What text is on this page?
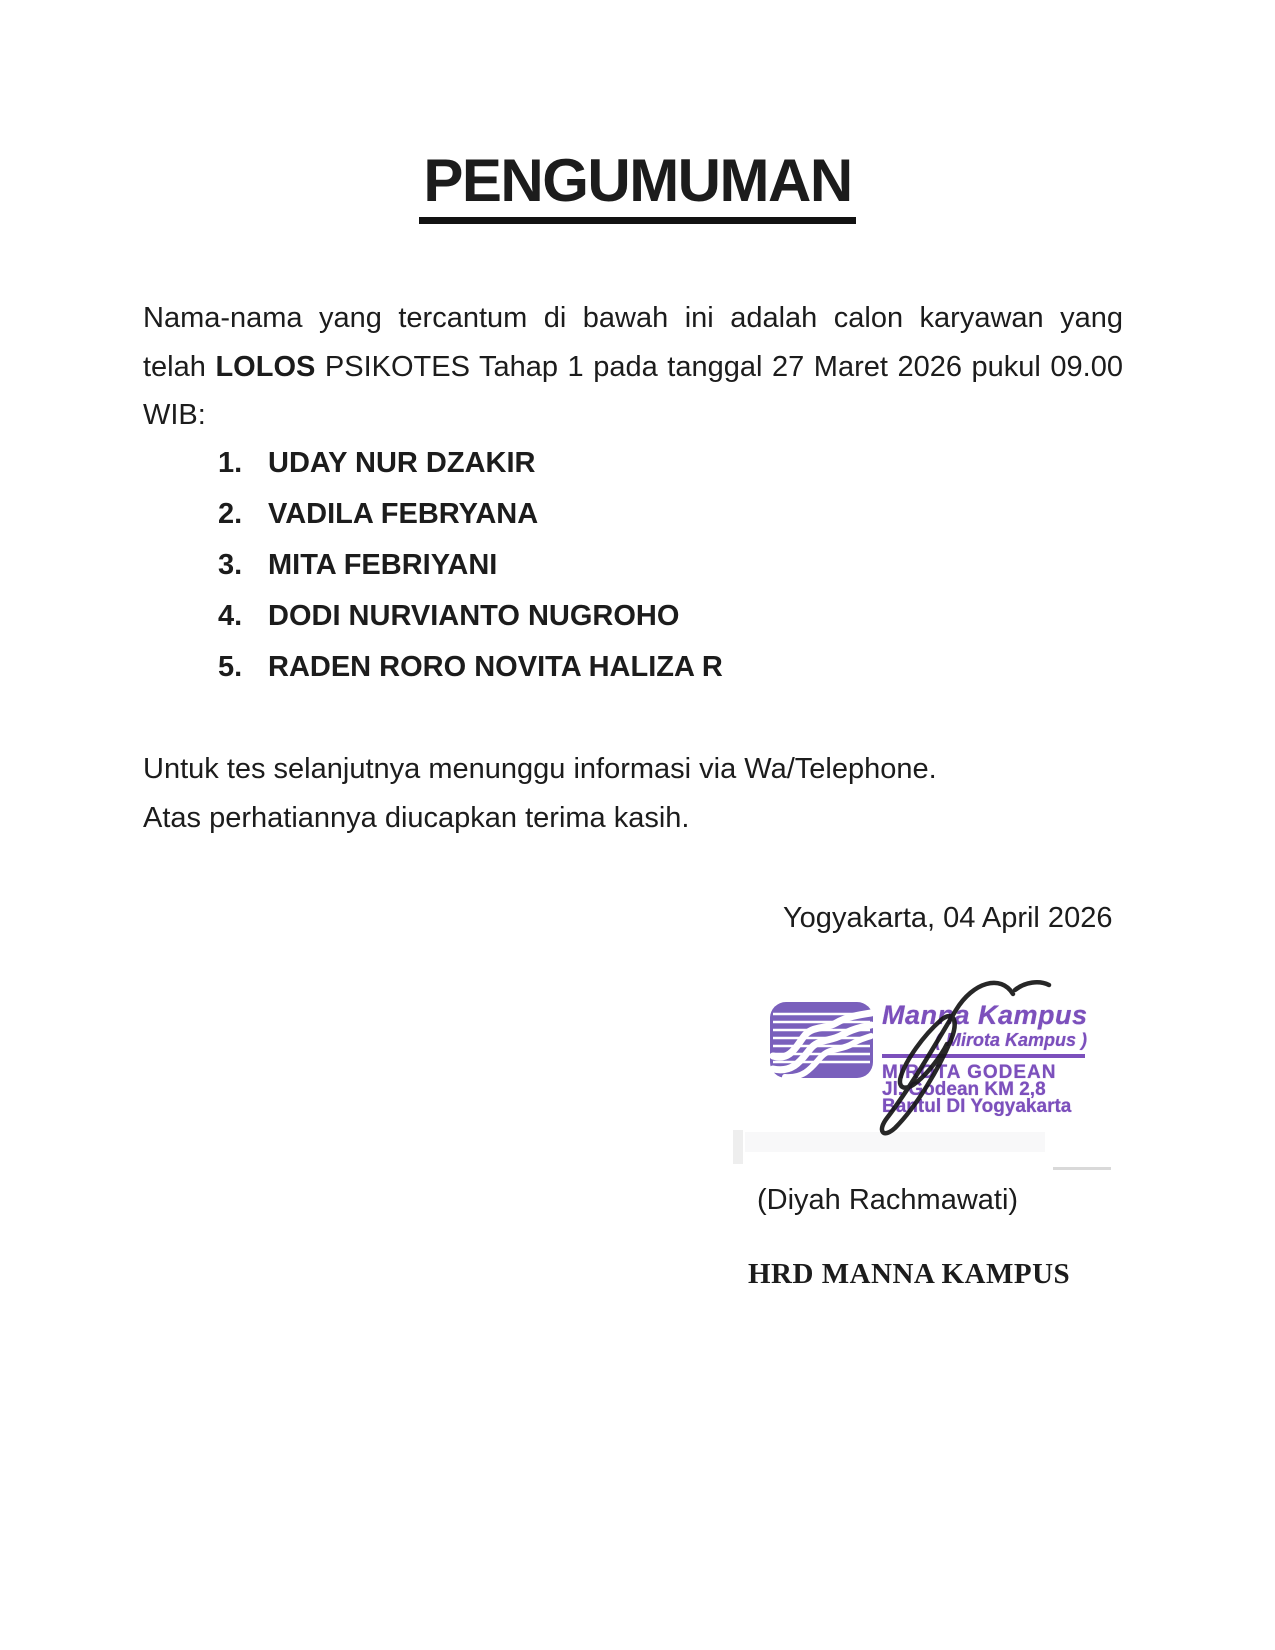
PENGUMUMAN
Nama-nama yang tercantum di bawah ini adalah calon karyawan yang
telah LOLOS PSIKOTES Tahap 1 pada tanggal 27 Maret 2026 pukul 09.00
WIB:
1. UDAY NUR DZAKIR
2. VADILA FEBRYANA
3. MITA FEBRIYANI
4. DODI NURVIANTO NUGROHO
5. RADEN RORO NOVITA HALIZA R
Untuk tes selanjutnya menunggu informasi via Wa/Telephone.
Atas perhatiannya diucapkan terima kasih.
Yogyakarta, 04 April 2026
Manna Kampus
( Mirota Kampus )
MIROTA GODEAN
Jl. Godean KM 2,8
Bantul DI Yogyakarta
(Diyah Rachmawati)
HRD MANNA KAMPUS
